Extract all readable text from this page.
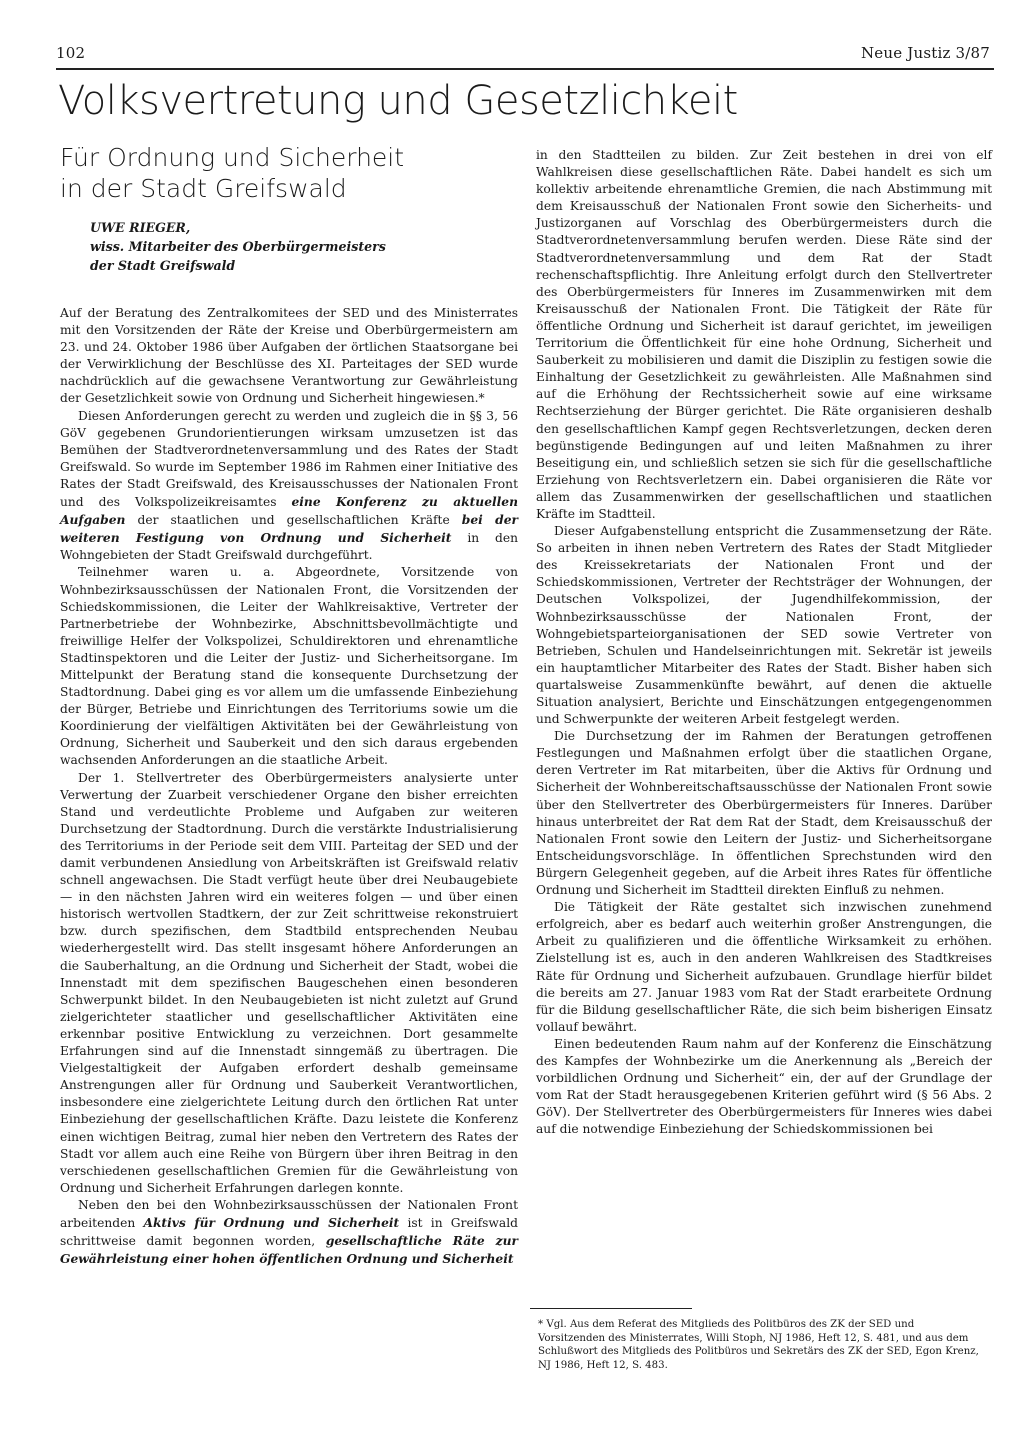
102	Neue Justiz 3/87
Volksvertretung und Gesetzlichkeit
Für Ordnung und Sicherheit
in der Stadt Greifswald
UWE RIEGER,
wiss. Mitarbeiter des Oberbürgermeisters
der Stadt Greifswald

Auf der Beratung des Zentralkomitees der SED und des Ministerrates mit den Vorsitzenden der Räte der Kreise und Oberbürgermeistern am 23. und 24. Oktober 1986 über Aufgaben der örtlichen Staatsorgane bei der Verwirklichung der Beschlüsse des XI. Parteitages der SED wurde nachdrücklich auf die gewachsene Verantwortung zur Gewährleistung der Gesetzlichkeit sowie von Ordnung und Sicherheit hingewiesen.*

Diesen Anforderungen gerecht zu werden und zugleich die in §§ 3, 56 GöV gegebenen Grundorientierungen wirksam umzusetzen ist das Bemühen der Stadtverordnetenversammlung und des Rates der Stadt Greifswald. So wurde im September 1986 im Rahmen einer Initiative des Rates der Stadt Greifswald, des Kreisausschusses der Nationalen Front und des Volkspolizeikreisamtes eine Konferenz zu aktuellen Aufgaben der staatlichen und gesellschaftlichen Kräfte bei der weiteren Festigung von Ordnung und Sicherheit in den Wohngebieten der Stadt Greifswald durchgeführt.

Teilnehmer waren u. a. Abgeordnete, Vorsitzende von Wohnbezirksausschüssen der Nationalen Front, die Vorsitzenden der Schiedskommissionen, die Leiter der Wahlkreisaktive, Vertreter der Partnerbetriebe der Wohnbezirke, Abschnittsbevollmächtigte und freiwillige Helfer der Volkspolizei, Schuldirektoren und ehrenamtliche Stadtinspektoren und die Leiter der Justiz- und Sicherheitsorgane. Im Mittelpunkt der Beratung stand die konsequente Durchsetzung der Stadtordnung. Dabei ging es vor allem um die umfassende Einbeziehung der Bürger, Betriebe und Einrichtungen des Territoriums sowie um die Koordinierung der vielfältigen Aktivitäten bei der Gewährleistung von Ordnung, Sicherheit und Sauberkeit und den sich daraus ergebenden wachsenden Anforderungen an die staatliche Arbeit.

Der 1. Stellvertreter des Oberbürgermeisters analysierte unter Verwertung der Zuarbeit verschiedener Organe den bisher erreichten Stand und verdeutlichte Probleme und Aufgaben zur weiteren Durchsetzung der Stadtordnung. Durch die verstärkte Industrialisierung des Territoriums in der Periode seit dem VIII. Parteitag der SED und der damit verbundenen Ansiedlung von Arbeitskräften ist Greifswald relativ schnell angewachsen. Die Stadt verfügt heute über drei Neubaugebiete — in den nächsten Jahren wird ein weiteres folgen — und über einen historisch wertvollen Stadtkern, der zur Zeit schrittweise rekonstruiert bzw. durch spezifischen, dem Stadtbild entsprechenden Neubau wiederhergestellt wird. Das stellt insgesamt höhere Anforderungen an die Sauberhaltung, an die Ordnung und Sicherheit der Stadt, wobei die Innenstadt mit dem spezifischen Baugeschehen einen besonderen Schwerpunkt bildet. In den Neubaugebieten ist nicht zuletzt auf Grund zielgerichteter staatlicher und gesellschaftlicher Aktivitäten eine erkennbar positive Entwicklung zu verzeichnen. Dort gesammelte Erfahrungen sind auf die Innenstadt sinngemäß zu übertragen. Die Vielgestaltigkeit der Aufgaben erfordert deshalb gemeinsame Anstrengungen aller für Ordnung und Sauberkeit Verantwortlichen, insbesondere eine zielgerichtete Leitung durch den örtlichen Rat unter Einbeziehung der gesellschaftlichen Kräfte. Dazu leistete die Konferenz einen wichtigen Beitrag, zumal hier neben den Vertretern des Rates der Stadt vor allem auch eine Reihe von Bürgern über ihren Beitrag in den verschiedenen gesellschaftlichen Gremien für die Gewährleistung von Ordnung und Sicherheit Erfahrungen darlegen konnte.

Neben den bei den Wohnbezirksausschüssen der Nationalen Front arbeitenden Aktivs für Ordnung und Sicherheit ist in Greifswald schrittweise damit begonnen worden, gesellschaftliche Räte zur Gewährleistung einer hohen öffentlichen Ordnung und Sicherheit

in den Stadtteilen zu bilden. Zur Zeit bestehen in drei von elf Wahlkreisen diese gesellschaftlichen Räte. Dabei handelt es sich um kollektiv arbeitende ehrenamtliche Gremien, die nach Abstimmung mit dem Kreisausschuß der Nationalen Front sowie den Sicherheits- und Justizorganen auf Vorschlag des Oberbürgermeisters durch die Stadtverordnetenversammlung berufen werden. Diese Räte sind der Stadtverordnetenversammlung und dem Rat der Stadt rechenschaftspflichtig. Ihre Anleitung erfolgt durch den Stellvertreter des Oberbürgermeisters für Inneres im Zusammenwirken mit dem Kreisausschuß der Nationalen Front. Die Tätigkeit der Räte für öffentliche Ordnung und Sicherheit ist darauf gerichtet, im jeweiligen Territorium die Öffentlichkeit für eine hohe Ordnung, Sicherheit und Sauberkeit zu mobilisieren und damit die Disziplin zu festigen sowie die Einhaltung der Gesetzlichkeit zu gewährleisten. Alle Maßnahmen sind auf die Erhöhung der Rechtssicherheit sowie auf eine wirksame Rechtserziehung der Bürger gerichtet. Die Räte organisieren deshalb den gesellschaftlichen Kampf gegen Rechtsverletzungen, decken deren begünstigende Bedingungen auf und leiten Maßnahmen zu ihrer Beseitigung ein, und schließlich setzen sie sich für die gesellschaftliche Erziehung von Rechtsverletzern ein. Dabei organisieren die Räte vor allem das Zusammenwirken der gesellschaftlichen und staatlichen Kräfte im Stadtteil.

Dieser Aufgabenstellung entspricht die Zusammensetzung der Räte. So arbeiten in ihnen neben Vertretern des Rates der Stadt Mitglieder des Kreissekretariats der Nationalen Front und der Schiedskommissionen, Vertreter der Rechtsträger der Wohnungen, der Deutschen Volkspolizei, der Jugendhilfekommission, der Wohnbezirksausschüsse der Nationalen Front, der Wohngebietsparteiorganisationen der SED sowie Vertreter von Betrieben, Schulen und Handelseinrichtungen mit. Sekretär ist jeweils ein hauptamtlicher Mitarbeiter des Rates der Stadt. Bisher haben sich quartalsweise Zusammenkünfte bewährt, auf denen die aktuelle Situation analysiert, Berichte und Einschätzungen entgegengenommen und Schwerpunkte der weiteren Arbeit festgelegt werden.

Die Durchsetzung der im Rahmen der Beratungen getroffenen Festlegungen und Maßnahmen erfolgt über die staatlichen Organe, deren Vertreter im Rat mitarbeiten, über die Aktivs für Ordnung und Sicherheit der Wohnbereitschaftsausschüsse der Nationalen Front sowie über den Stellvertreter des Oberbürgermeisters für Inneres. Darüber hinaus unterbreitet der Rat dem Rat der Stadt, dem Kreisausschuß der Nationalen Front sowie den Leitern der Justiz- und Sicherheitsorgane Entscheidungsvorschläge. In öffentlichen Sprechstunden wird den Bürgern Gelegenheit gegeben, auf die Arbeit ihres Rates für öffentliche Ordnung und Sicherheit im Stadtteil direkten Einfluß zu nehmen.

Die Tätigkeit der Räte gestaltet sich inzwischen zunehmend erfolgreich, aber es bedarf auch weiterhin großer Anstrengungen, die Arbeit zu qualifizieren und die öffentliche Wirksamkeit zu erhöhen. Zielstellung ist es, auch in den anderen Wahlkreisen des Stadtkreises Räte für Ordnung und Sicherheit aufzubauen. Grundlage hierfür bildet die bereits am 27. Januar 1983 vom Rat der Stadt erarbeitete Ordnung für die Bildung gesellschaftlicher Räte, die sich beim bisherigen Einsatz vollauf bewährt.

Einen bedeutenden Raum nahm auf der Konferenz die Einschätzung des Kampfes der Wohnbezirke um die Anerkennung als „Bereich der vorbildlichen Ordnung und Sicherheit“ ein, der auf der Grundlage der vom Rat der Stadt herausgegebenen Kriterien geführt wird (§ 56 Abs. 2 GöV). Der Stellvertreter des Oberbürgermeisters für Inneres wies dabei auf die notwendige Einbeziehung der Schiedskommissionen bei

* Vgl. Aus dem Referat des Mitglieds des Politbüros des ZK der SED und Vorsitzenden des Ministerrates, Willi Stoph, NJ 1986, Heft 12, S. 481, und aus dem Schlußwort des Mitglieds des Politbüros und Sekretärs des ZK der SED, Egon Krenz, NJ 1986, Heft 12, S. 483.
